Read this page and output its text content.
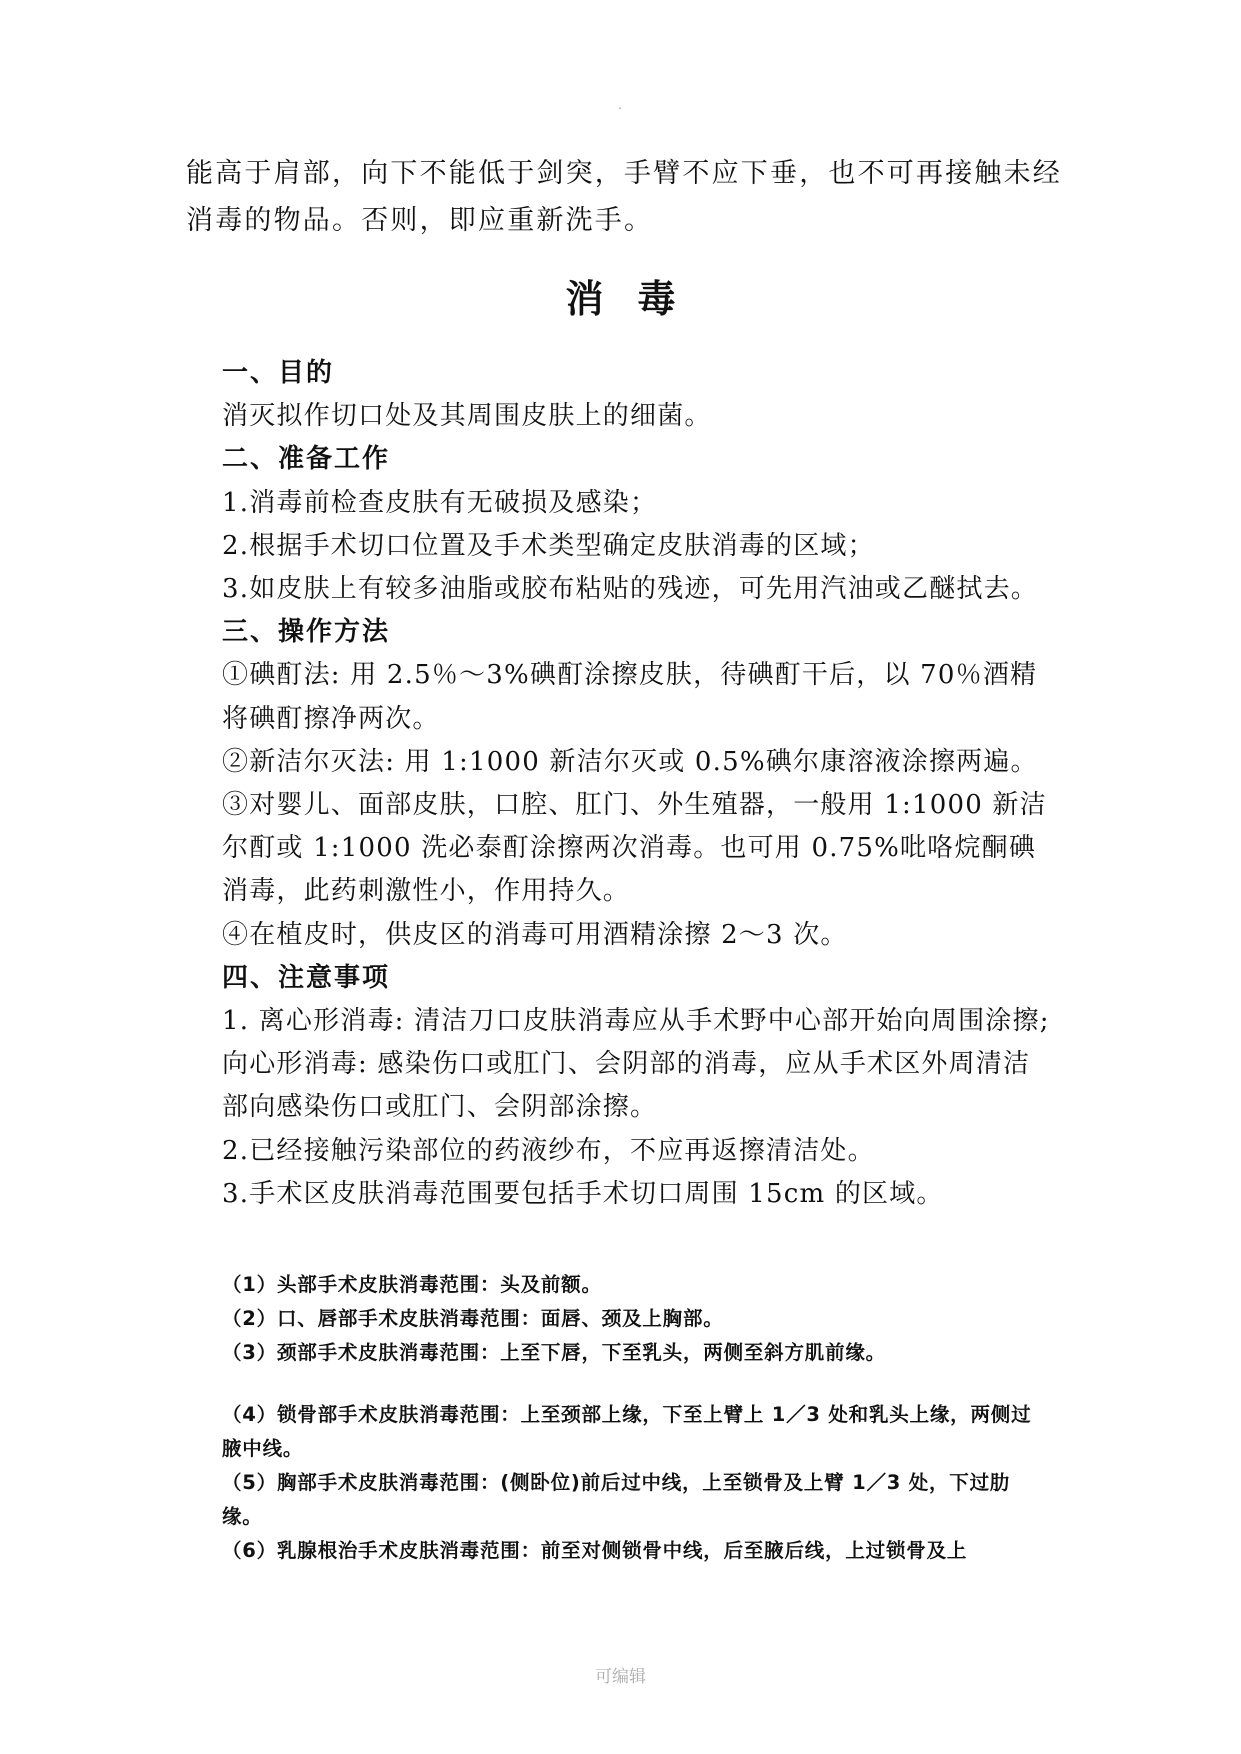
.
能高于肩部，向下不能低于剑突，手臂不应下垂，也不可再接触未经消毒的物品。否则，即应重新洗手。
消毒

一、目的

消灭拟作切口处及其周围皮肤上的细菌。

二、准备工作

1.消毒前检查皮肤有无破损及感染；

2.根据手术切口位置及手术类型确定皮肤消毒的区域；

3.如皮肤上有较多油脂或胶布粘贴的残迹，可先用汽油或乙醚拭去。

三、操作方法

①碘酊法: 用 2.5％～3%碘酊涂擦皮肤，待碘酊干后，以 70％酒精将碘酊擦净两次。

②新洁尔灭法: 用 1:1000 新洁尔灭或 0.5%碘尔康溶液涂擦两遍。

③对婴儿、面部皮肤，口腔、肛门、外生殖器，一般用 1:1000 新洁尔酊或 1:1000 洗必泰酊涂擦两次消毒。也可用 0.75%吡咯烷酮碘消毒，此药刺激性小，作用持久。

④在植皮时，供皮区的消毒可用酒精涂擦 2～3 次。

四、注意事项

1. 离心形消毒: 清洁刀口皮肤消毒应从手术野中心部开始向周围涂擦; 向心形消毒: 感染伤口或肛门、会阴部的消毒，应从手术区外周清洁部向感染伤口或肛门、会阴部涂擦。

2.已经接触污染部位的药液纱布，不应再返擦清洁处。

3.手术区皮肤消毒范围要包括手术切口周围 15cm 的区域。

（1）头部手术皮肤消毒范围：头及前额。

（2）口、唇部手术皮肤消毒范围：面唇、颈及上胸部。

（3）颈部手术皮肤消毒范围：上至下唇，下至乳头，两侧至斜方肌前缘。

（4）锁骨部手术皮肤消毒范围：上至颈部上缘，下至上臂上 1／3 处和乳头上缘，两侧过腋中线。

（5）胸部手术皮肤消毒范围：(侧卧位)前后过中线，上至锁骨及上臂 1／3 处，下过肋缘。

（6）乳腺根治手术皮肤消毒范围：前至对侧锁骨中线，后至腋后线，上过锁骨及上

可编辑
